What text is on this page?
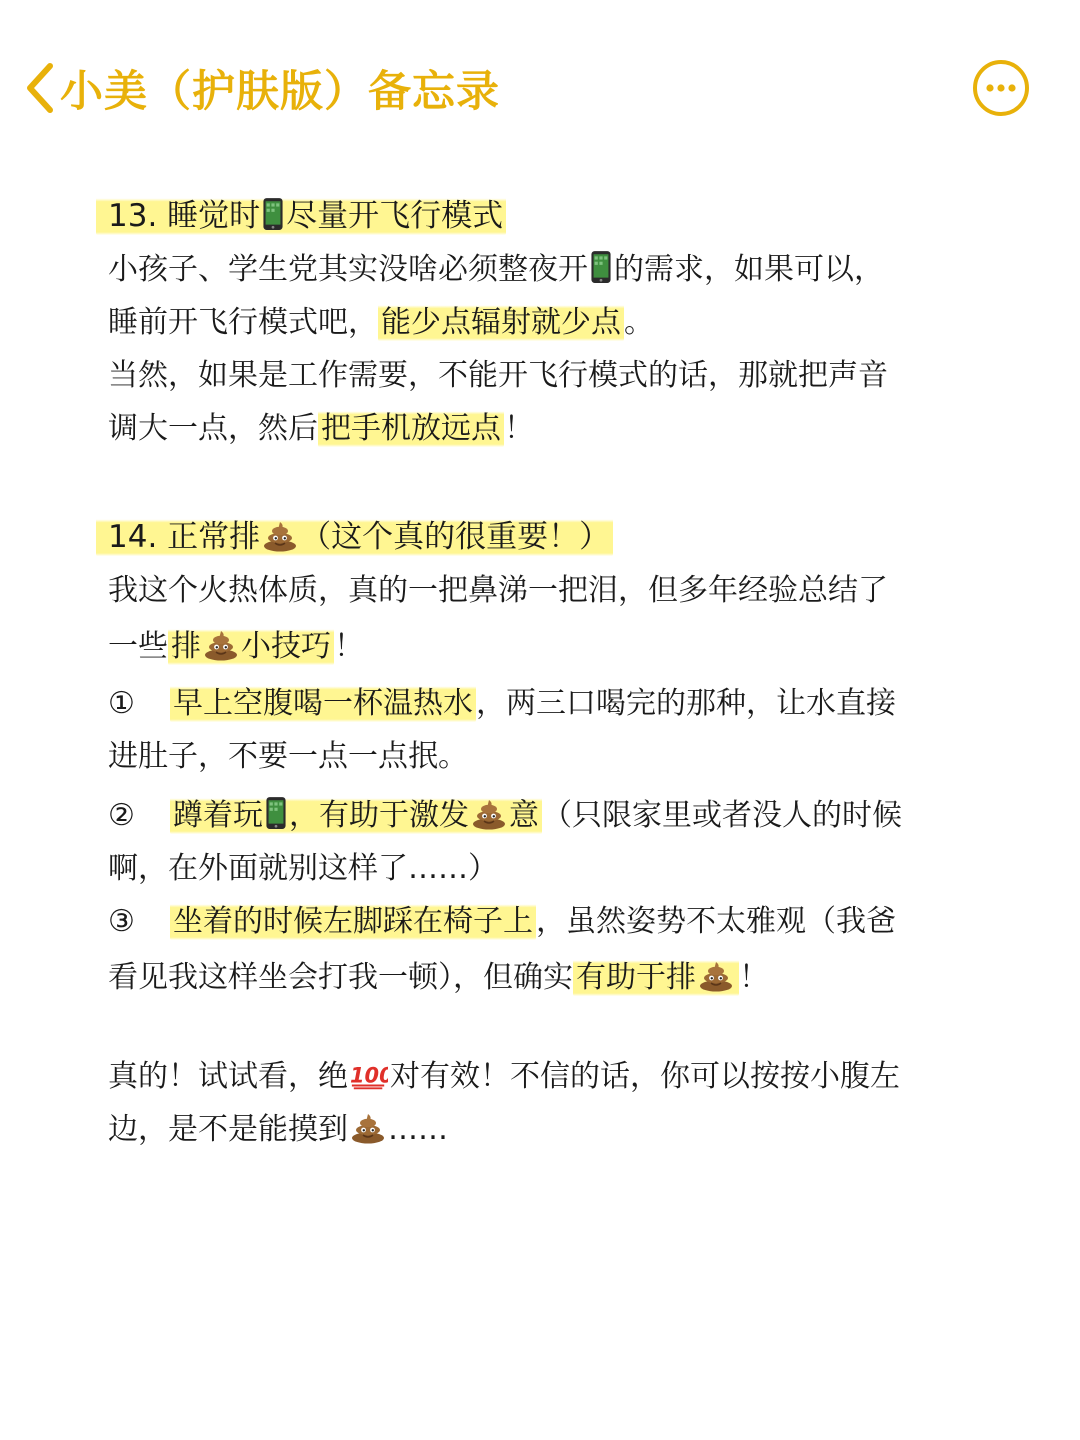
小美（护肤版）备忘录

13. 睡觉时 尽量开飞行模式

小孩子、学生党其实没啥必须整夜开 的需求，如果可以，

睡前开飞行模式吧， 能少点辐射就少点 。

当然，如果是工作需要，不能开飞行模式的话，那就把声音

调大一点，然后 把手机放远点 ！

14. 正常排 （这个真的很重要！）

我这个火热体质，真的一把鼻涕一把泪，但多年经验总结了

一些 排 小技巧 ！

① 早上空腹喝一杯温热水 ，两三口喝完的那种，让水直接

进肚子，不要一点一点抿。

② 蹲着玩 ，有助于激发 意 （只限家里或者没人的时候

啊，在外面就别这样了……）

③ 坐着的时候左脚踩在椅子上 ，虽然姿势不太雅观（我爸

看见我这样坐会打我一顿），但确实 有助于排 ！

真的！试试看，绝 对有效！不信的话，你可以按按小腹左

边，是不是能摸到 ……
